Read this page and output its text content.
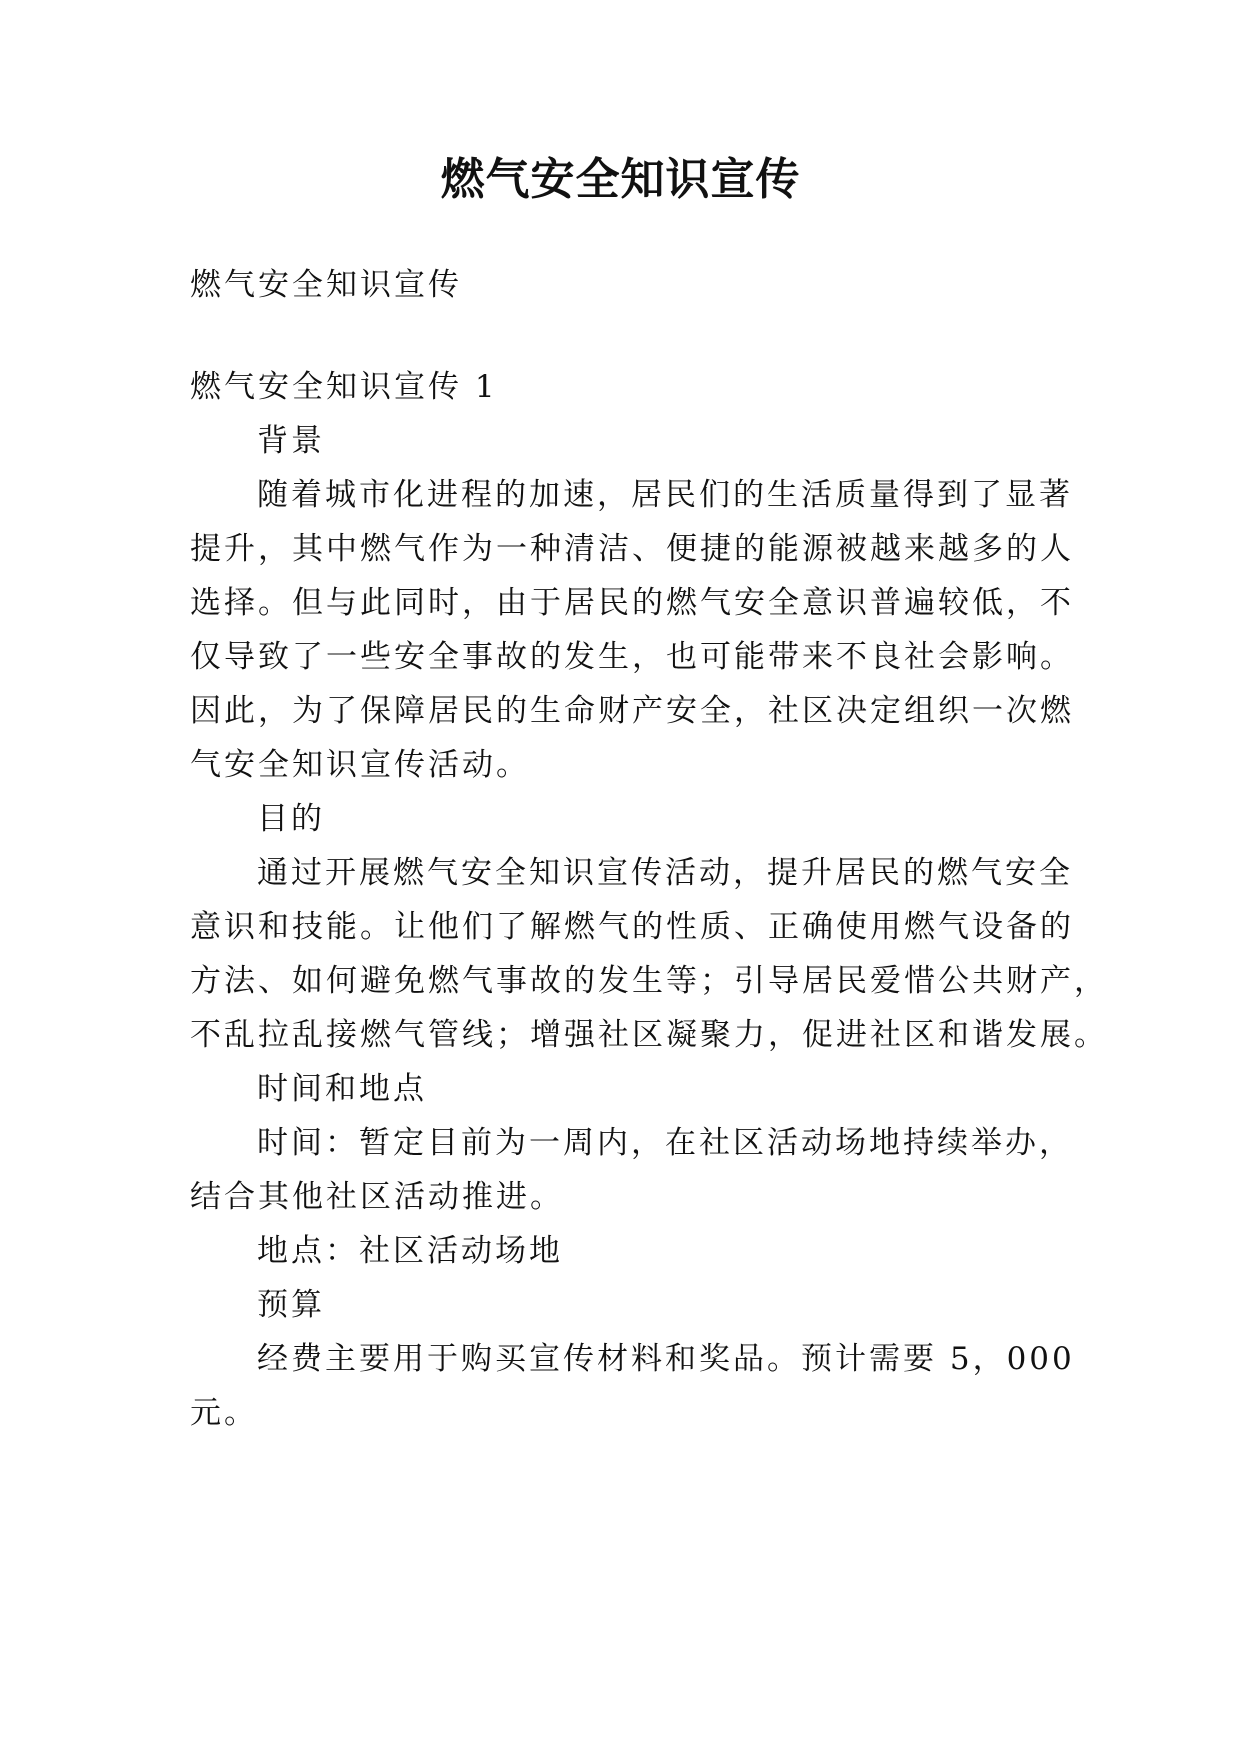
燃气安全知识宣传
燃气安全知识宣传
燃气安全知识宣传 1
背景
随着城市化进程的加速，居民们的生活质量得到了显著
提升，其中燃气作为一种清洁、便捷的能源被越来越多的人
选择。但与此同时，由于居民的燃气安全意识普遍较低，不
仅导致了一些安全事故的发生，也可能带来不良社会影响。
因此，为了保障居民的生命财产安全，社区决定组织一次燃
气安全知识宣传活动。
目的
通过开展燃气安全知识宣传活动，提升居民的燃气安全
意识和技能。让他们了解燃气的性质、正确使用燃气设备的
方法、如何避免燃气事故的发生等；引导居民爱惜公共财产，
不乱拉乱接燃气管线；增强社区凝聚力，促进社区和谐发展。
时间和地点
时间：暂定目前为一周内，在社区活动场地持续举办，
结合其他社区活动推进。
地点：社区活动场地
预算
经费主要用于购买宣传材料和奖品。预计需要 5，000
元。
